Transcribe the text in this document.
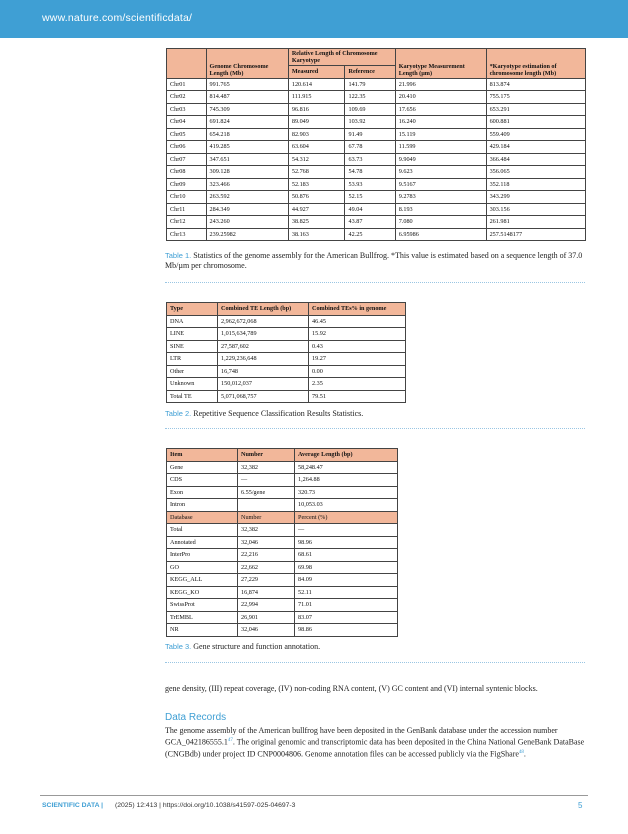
www.nature.com/scientificdata/
	Genome Chromosome Length (Mb)	Relative Length of Chromosome Karyotype		Karyotype Measurement Length (µm)	*Karyotype estimation of chromosome length (Mb)
		Measured	Reference		
Chr01	991.765	120.614	141.79	21.996	813.874
Chr02	814.487	111.915	122.35	20.410	755.175
Chr03	745.309	96.816	109.69	17.656	653.291
Chr04	691.824	89.049	103.92	16.240	600.881
Chr05	654.218	82.903	91.49	15.119	559.409
Chr06	419.285	63.604	67.78	11.599	429.184
Chr07	347.651	54.312	63.73	9.9049	366.484
Chr08	309.128	52.768	54.78	9.623	356.065
Chr09	323.466	52.183	53.93	9.5167	352.118
Chr10	263.592	50.876	52.15	9.2783	343.299
Chr11	284.349	44.927	49.04	8.193	303.156
Chr12	243.260	38.825	43.87	7.080	261.981
Chr13	239.25982	38.163	42.25	6.95986	257.5148177
Table 1. Statistics of the genome assembly for the American Bullfrog. *This value is estimated based on a sequence length of 37.0 Mb/µm per chromosome.
Type	Combined TE Length (bp)	Combined TEs% in genome
DNA	2,962,672,068	46.45
LINE	1,015,634,789	15.92
SINE	27,587,602	0.43
LTR	1,229,236,648	19.27
Other	16,748	0.00
Unknown	150,012,037	2.35
Total TE	5,071,068,757	79.51
Table 2. Repetitive Sequence Classification Results Statistics.
Item	Number	Average Length (bp)
Gene	32,382	58,248.47
CDS	—	1,264.88
Exon	6.55/gene	320.73
Intron		10,053.03
Database	Number	Percent (%)
Total	32,382	—
Annotated	32,046	98.96
InterPro	22,216	68.61
GO	22,662	69.98
KEGG_ALL	27,229	84.09
KEGG_KO	16,874	52.11
SwissProt	22,994	71.01
TrEMBL	26,901	83.07
NR	32,046	98.86
Table 3. Gene structure and function annotation.
gene density, (III) repeat coverage, (IV) non-coding RNA content, (V) GC content and (VI) internal syntenic blocks.
Data Records
The genome assembly of the American bullfrog have been deposited in the GenBank database under the accession number GCA_042186555.1$^{47}$. The original genomic and transcriptomic data has been deposited in the China National GeneBank DataBase (CNGBdb) under project ID CNP0004806. Genome annotation files can be accessed publicly via the FigShare$^{48}$.
SCIENTIFIC DATA | (2025) 12:413 | https://doi.org/10.1038/s41597-025-04697-3	5
